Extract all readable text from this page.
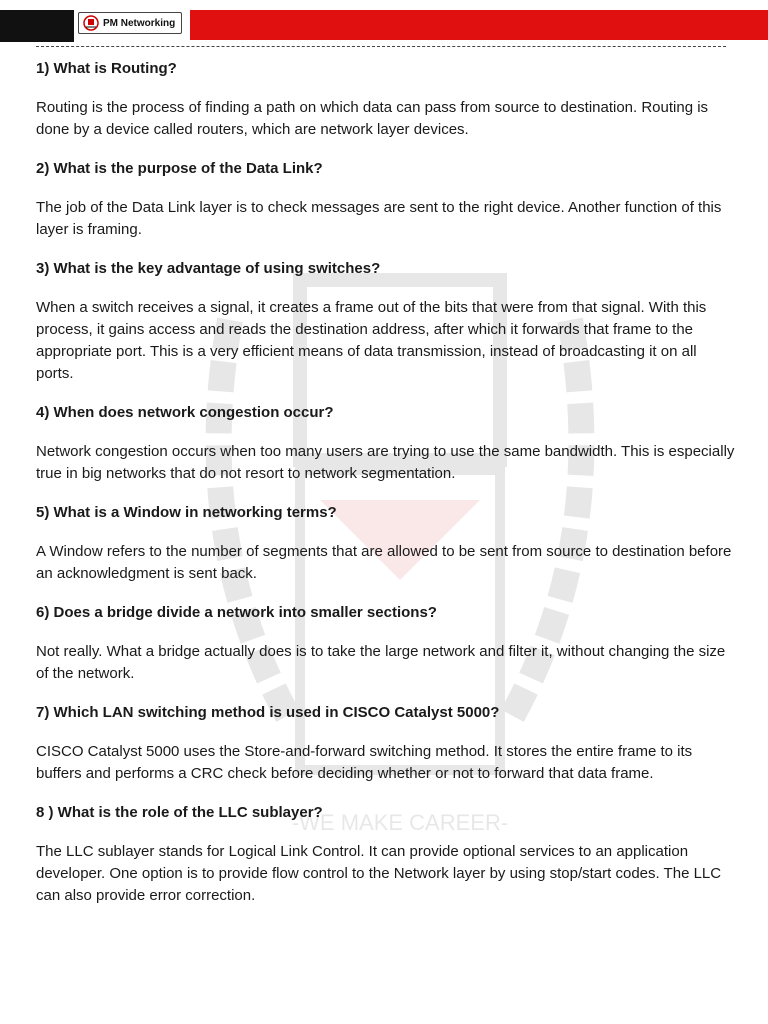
PM Networking
-WE MAKE CAREER-

1) What is Routing?

Routing is the process of finding a path on which data can pass from source to destination. Routing is done by a device called routers, which are network layer devices.

2) What is the purpose of the Data Link?

The job of the Data Link layer is to check messages are sent to the right device. Another function of this layer is framing.

3) What is the key advantage of using switches?

When a switch receives a signal, it creates a frame out of the bits that were from that signal. With this process, it gains access and reads the destination address, after which it forwards that frame to the appropriate port. This is a very efficient means of data transmission, instead of broadcasting it on all ports.

4) When does network congestion occur?

Network congestion occurs when too many users are trying to use the same bandwidth. This is especially true in big networks that do not resort to network segmentation.

5) What is a Window in networking terms?

A Window refers to the number of segments that are allowed to be sent from source to destination before an acknowledgment is sent back.

6) Does a bridge divide a network into smaller sections?

Not really. What a bridge actually does is to take the large network and filter it, without changing the size of the network.

7) Which LAN switching method is used in CISCO Catalyst 5000?

CISCO Catalyst 5000 uses the Store-and-forward switching method. It stores the entire frame to its buffers and performs a CRC check before deciding whether or not to forward that data frame.

8 ) What is the role of the LLC sublayer?

The LLC sublayer stands for Logical Link Control. It can provide optional services to an application developer. One option is to provide flow control to the Network layer by using stop/start codes. The LLC can also provide error correction.
